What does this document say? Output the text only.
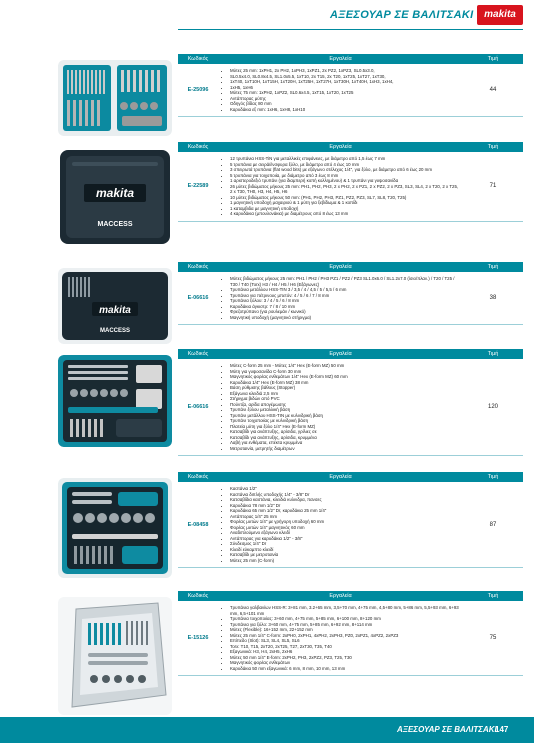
ΑΞΕΣΟΥΑΡ ΣΕ ΒΑΛΙΤΣΑΚΙ	makita
Κωδικός	Εργαλεία	Τιμή
E-25096
• Μύτες 25 mm: 1xPH1, 2x PH2, 1xPH3, 1xPZ1, 2x PZ2, 1xPZ3, SL0.5x3.0,
• SL0.5x4.0, SL0.8x4.5, SL1.0x5.5, 1xT10, 2x T15, 2x T20, 1xT25, 1xT27, 1xT30,
• 1xT40, 1xT10H, 1xT15H, 1xT20H, 1xT25H, 1xT27H, 1xT30H, 1xT40H, 1xH3, 1xH4,
• 1xH5, 1xH6
• Μύτες 75 mm: 1xPH2, 1xPZ2, SL0.6x4.5, 1xT15, 1xT20, 1xT25
• Αντάπτορας μύτης
• Οδηγός βίδας 80 mm
• Καρυδάκια εξ mm: 1xH6, 1xH8, 1xH10
44
makita
MACCESS
Κωδικός	Εργαλεία	Τιμή
E-22589
• 12 τρυπάνια HSS-TiN για μεταλλικές επιφάνειες, με διάμετρο από 1,5 έως 7 mm
• 5 τρυπάνια με σειρά/ένσφυρα ξύλο, με διάμετρο από 4 έως 10 mm
• 3 σπειρωτά τρυπάνια (flat wood bits) με εξάγωνο στέλεχος 1/4", για ξύλο, με διάμετρο από 6 έως 20 mm
• 5 τρυπάνια για τοιχοποιία, με διάμετρο από 3 έως 8 mm
• 1 αριστεροδεξιό τρυπάνι (για διαμπερή κοπή κολλημένου) & 1 τρυπάνι για γυψοσανίδα
• 26 μύτες βιδώματος μήκους 25 mm: PH1, PH2, PH3, 2 x PH2, 2 x PZ1, 2 x PZ2, 2 x PZ3, SL3, SL4, 2 x T20, 2 x T25, 2 x T30, TH0, H3, H4, H5, H6
• 10 μύτες βιδώματος μήκους 50 mm: (PH1, PH2, PH3, PZ1, PZ2, PZ3, SL7, SL8, T20, T25)
• 1 μαγνητική υποδοχή μαχαιριού & 1 μύτη για ξεβίδωμα & 1 κοπίδι
• 1 καταμβιδα με μαγνητική υποδοχή
• 4 καρυδάκια (μπουλονάκια) με διαμέτρους από 8 έως 13 mm
71
makita
MACCESS
Κωδικός	Εργαλεία	Τιμή
E-06616
• Μύτες βιδώματος μήκους 25 mm: PH1 / PH2 / PH3 PZ1 / PZ2 / PZ3 SL1.0x6.0 / SL1.2x7.0 (ίσιο/πλαν.) / T20 / T25 / T30 / T40 (Torx) H3 / H4 / H5 / H6 (Εξάγωνες)
• Τρυπάνια μετάλλου HSS-TIN 3 / 3,5 / 4 / 4,5 / 5 / 5,5 / 6 mm
• Τρυπάνια για πέτρινους μπετόν: 4 / 5 / 6 / 7 / 8 mm
• Τρυπάνια ξύλου: 3 / 4 / 5 / 6 / 8 mm
• Καρυδάκια άγκιστρ: 7 / 8 / 10 mm
• Φρεζοτρύπανο (για ρουλεμάν / κωνικό)
• Μαγνητική υποδοχή (μαγνητικό στήριγμα)
38
Κωδικός	Εργαλεία	Τιμή
E-06616
• Μύτες C-form 25 mm - Μύτες 1/4" Hex (E-form MZ) 50 mm
• Μύτη για γυψοσανίδα C-form 30 mm
• Μαγνητικός φορέας ενθεμάτων 1/4" Hex (E-form MZ) 60 mm
• Καρυδάκια 1/4" Hex (E-form MZ) 38 mm
• Βάση ρύθμισης βάθους (Stopper)
• Εξάγωνα κλειδιά 2,5 mm
• Στήριγμα βιδών από PVC
• Πούντζα, αρίδα απογέμωσης
• Τρυπάνι ξύλου μεταλλική βάση
• Τρυπάνι μετάλλου HSS-TIN με κυλινδρική βάση
• Τρυπάνι τοιχοποιίας με κυλινδρική βάση
• Πλατεία μύτη για ξύλο 1/4" Hex (E-form MZ)
• Κατσαβίδι για ανάπτυξης, αρίσιδα, γρίλιες σε
• Κατσαβίδι για ανάπτυξης, αρίσιδα, κρυμμένα
• Λαβή για ενθέματα, επέκτα κρυμμένα
• Μετροταινία, μετρητής διαμέτρων
120
Κωδικός	Εργαλεία	Τιμή
E-08458
• Καστάνια 1/2"
• Καστάνια διπλής υποδοχής 1/4" - 3/8" Dr
• Κατσαβίδια καστάνια, κλειδιά κυλινδρα, πανσες
• Καρυδάκια 78 mm 1/2" Dr
• Καρυδάκια 65 mm 1/2" Dr, καρυδάκια 25 mm 1/4"
• Αντάπτορας 1/4" 25 mm
• Φορέας μυτών 1/4" με γρήγορη υποδοχή 60 mm
• Φορέας μυτών 1/4" μαγνητικός 60 mm
• Αναδιπλούμενο εξάγωνο κλειδί
• Αντάπτορας για καρυδάκια 1/2" - 3/8"
• Σύνδεσμος 1/4" Dr
• Κλειδί εύκαμπτο κλειδί
• Κατσαβίδι με μετροταινία
• Μύτες 25 mm (C-form)
87
Κωδικός	Εργαλεία	Τιμή
E-15126
• Τρυπάνια γαλβανίων HSS-R: 3+81 mm, 3.2+65 mm, 3,5+70 mm, 4+75 mm, 4,5+80 mm, 5+86 mm, 5,5+93 mm, 6+93 mm, 6,5+101 mm
• Τρυπάνια τοιχοποιίας: 3+60 mm, 4+75 mm, 5+85 mm, 6+100 mm, 8+120 mm
• Τρυπάνια για ξύλο: 3+60 mm, 4+75 mm, 5+85 mm, 6+92 mm, 8+114 mm
• Μύτες (Flexible): 16+152 mm, 22+152 mm
• Μύτες 25 mm 1/4" C-form: 2xPH0, 2xPH1, 4xPH2, 2xPH3, PZ0, 2xPZ1, 4xPZ2, 2xPZ3
• Επίπεδο (Slot): SL3, SL4, SL5, SL6
• Torx: T10, T15, 2xT20, 2xT25, T27, 2xT30, T35, T40
• Εξαγωνικά: H3, H4, 2xH5, 2xH6
• Μύτες 50 mm 1/4" E-form: 2xPH2, PH3, 2xPZ2, PZ3, T25, T30
• Μαγνητικός φορέας ενθεμάτων
• Καρυδάκια 50 mm εξαγωνικά: 6 mm, 8 mm, 10 mm, 13 mm
75
ΑΞΕΣΟΥΑΡ ΣΕ ΒΑΛΙΤΣΑΚΙ
147
